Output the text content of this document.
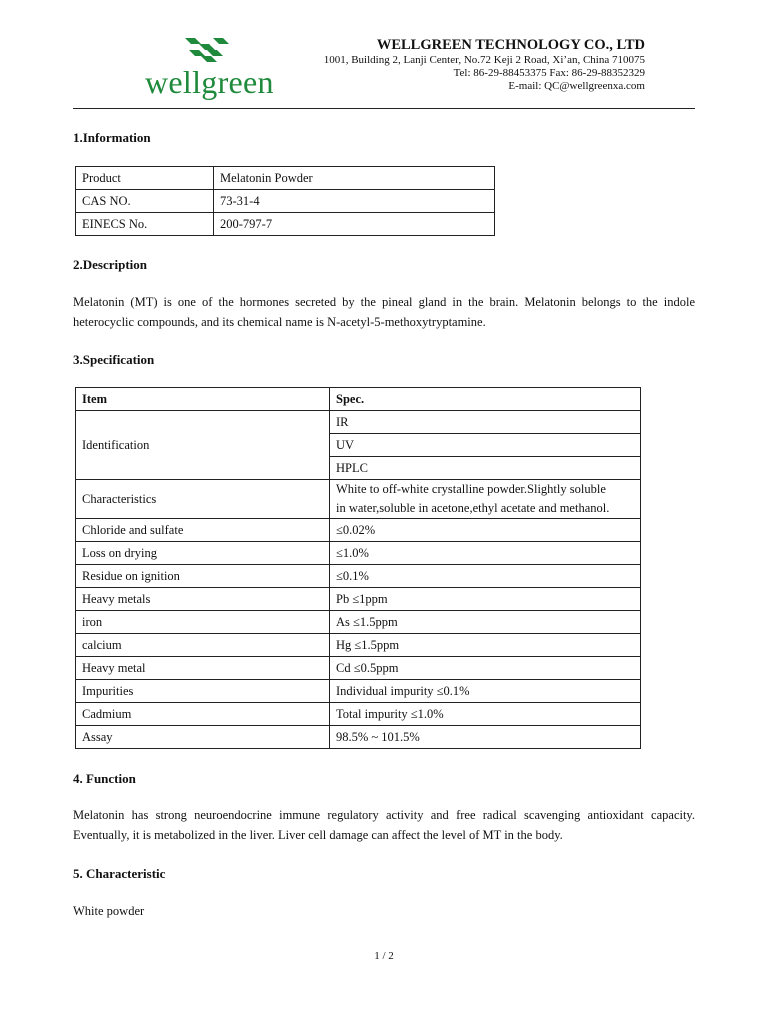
wellgreen
WELLGREEN TECHNOLOGY CO., LTD
1001, Building 2, Lanji Center, No.72 Keji 2 Road, Xi’an, China 710075
Tel: 86-29-88453375 Fax: 86-29-88352329
E-mail: QC@wellgreenxa.com
1.Information
Product	Melatonin Powder
CAS NO.	73-31-4
EINECS No.	200-797-7
2.Description
Melatonin (MT) is one of the hormones secreted by the pineal gland in the brain. Melatonin belongs to the indole heterocyclic compounds, and its chemical name is N-acetyl-5-methoxytryptamine.
3.Specification
Item	Spec.
Identification	IR
	UV
	HPLC
Characteristics	White to off-white crystalline powder.Slightly soluble
in water,soluble in acetone,ethyl acetate and methanol.

Chloride and sulfate	≤0.02%
Loss on drying	≤1.0%
Residue on ignition	≤0.1%
Heavy metals	Pb ≤1ppm
iron	As ≤1.5ppm
calcium	Hg ≤1.5ppm
Heavy metal	Cd ≤0.5ppm
Impurities	Individual impurity ≤0.1%
Cadmium	Total impurity ≤1.0%
Assay	98.5% ~ 101.5%
4. Function
Melatonin has strong neuroendocrine immune regulatory activity and free radical scavenging antioxidant capacity. Eventually, it is metabolized in the liver. Liver cell damage can affect the level of MT in the body.
5. Characteristic
White powder
1 / 2
